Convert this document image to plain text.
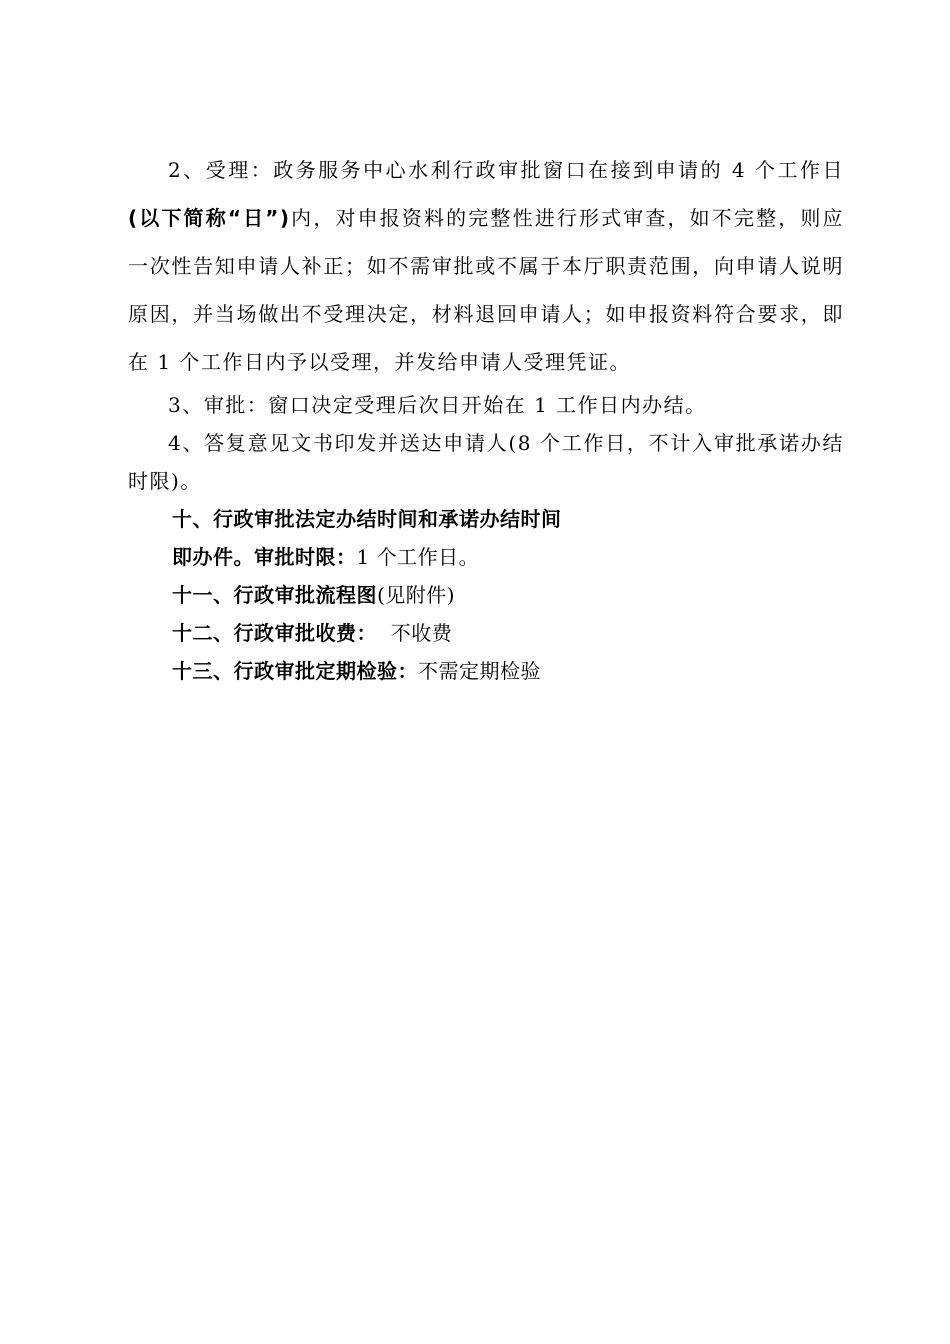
2、受理：政务服务中心水利行政审批窗口在接到申请的 4 个工作日(以下简称“日”)内，对申报资料的完整性进行形式审查，如不完整，则应一次性告知申请人补正；如不需审批或不属于本厅职责范围，向申请人说明原因，并当场做出不受理决定，材料退回申请人；如申报资料符合要求，即在 1 个工作日内予以受理，并发给申请人受理凭证。

3、审批：窗口决定受理后次日开始在 1 工作日内办结。

4、答复意见文书印发并送达申请人(8 个工作日，不计入审批承诺办结时限)。

十、行政审批法定办结时间和承诺办结时间

即办件。审批时限：1 个工作日。

十一、行政审批流程图(见附件)

十二、行政审批收费：  不收费

十三、行政审批定期检验：不需定期检验
